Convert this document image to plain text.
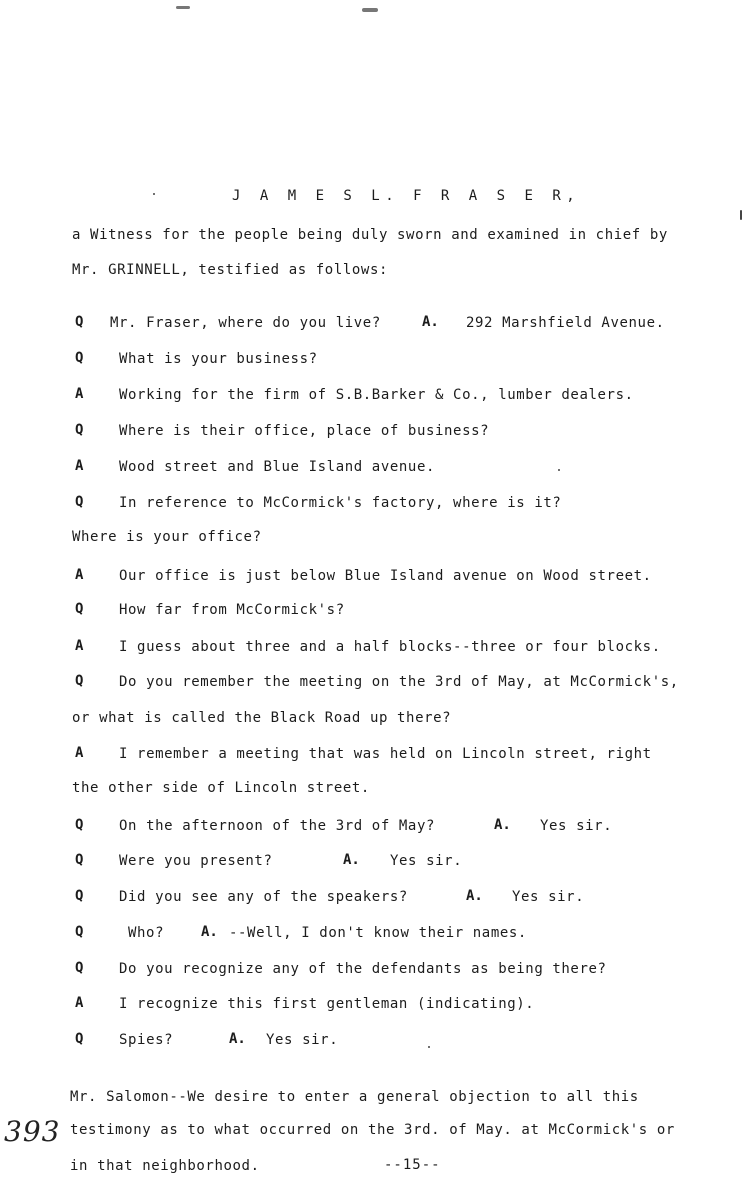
J A M E S L. F R A S E R,
a Witness for the people being duly sworn and examined in chief by
Mr. GRINNELL, testified as follows:
Q Mr. Fraser, where do you live?	A. 292 Marshfield Avenue.
Q	What is your business?
A	Working for the firm of S.B.Barker & Co., lumber dealers.
Q	Where is their office, place of business?
A	Wood street and Blue Island avenue.
Q	In reference to McCormick's factory, where is it?
Where is your office?
A	Our office is just below Blue Island avenue on Wood street.
Q	How far from McCormick's?
A	I guess about three and a half blocks--three or four blocks.
Q	Do you remember the meeting on the 3rd of May, at McCormick's,
or what is called the Black Road up there?
A	I remember a meeting that was held on Lincoln street, right
the other side of Lincoln street.
Q	On the afternoon of the 3rd of May?	A. Yes sir.
Q	Were you present?	A. Yes sir.
Q	Did you see any of the speakers?	A. Yes sir.
Q	Who?	A. --Well, I don't know their names.
Q	Do you recognize any of the defendants as being there?
A	I recognize this first gentleman (indicating).
Q	Spies?	A. Yes sir.
Mr. Salomon--We desire to enter a general objection to all this
testimony as to what occurred on the 3rd. of May. at McCormick's or
in that neighborhood.
393
--15--
